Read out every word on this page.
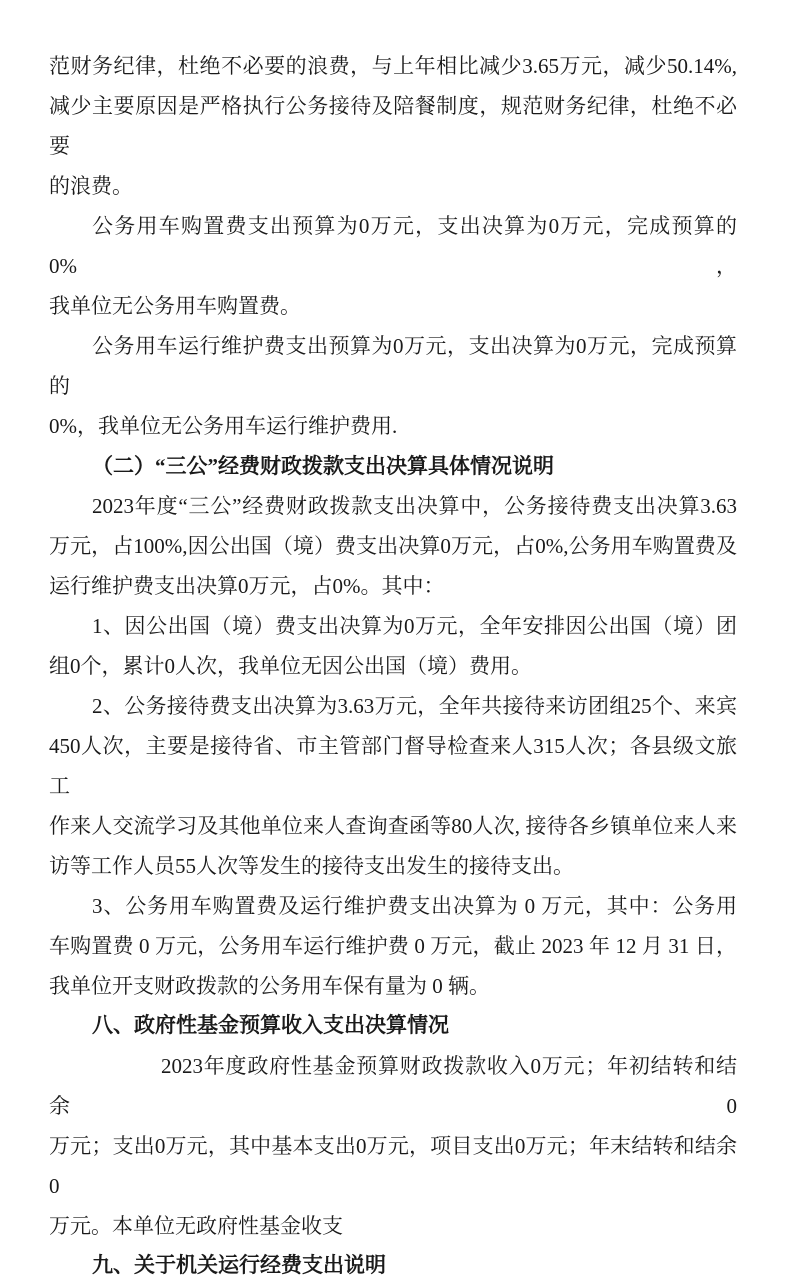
范财务纪律，杜绝不必要的浪费，与上年相比减少3.65万元，减少50.14%,
减少主要原因是严格执行公务接待及陪餐制度，规范财务纪律，杜绝不必要
的浪费。
公务用车购置费支出预算为0万元，支出决算为0万元，完成预算的0%，
我单位无公务用车购置费。
公务用车运行维护费支出预算为0万元，支出决算为0万元，完成预算的
0%，我单位无公务用车运行维护费用.
（二）“三公”经费财政拨款支出决算具体情况说明
2023年度“三公”经费财政拨款支出决算中，公务接待费支出决算3.63
万元，占100%,因公出国（境）费支出决算0万元，占0%,公务用车购置费及
运行维护费支出决算0万元，占0%。其中：
1、因公出国（境）费支出决算为0万元，全年安排因公出国（境）团
组0个，累计0人次，我单位无因公出国（境）费用。
2、公务接待费支出决算为3.63万元，全年共接待来访团组25个、来宾
450人次，主要是接待省、市主管部门督导检查来人315人次；各县级文旅工
作来人交流学习及其他单位来人查询查函等80人次, 接待各乡镇单位来人来
访等工作人员55人次等发生的接待支出发生的接待支出。
3、公务用车购置费及运行维护费支出决算为 0 万元，其中：公务用
车购置费 0 万元，公务用车运行维护费 0 万元，截止 2023 年 12 月 31 日，
我单位开支财政拨款的公务用车保有量为 0 辆。
八、政府性基金预算收入支出决算情况
2023年度政府性基金预算财政拨款收入0万元；年初结转和结余0
万元；支出0万元，其中基本支出0万元，项目支出0万元；年末结转和结余0
万元。本单位无政府性基金收支
九、关于机关运行经费支出说明
